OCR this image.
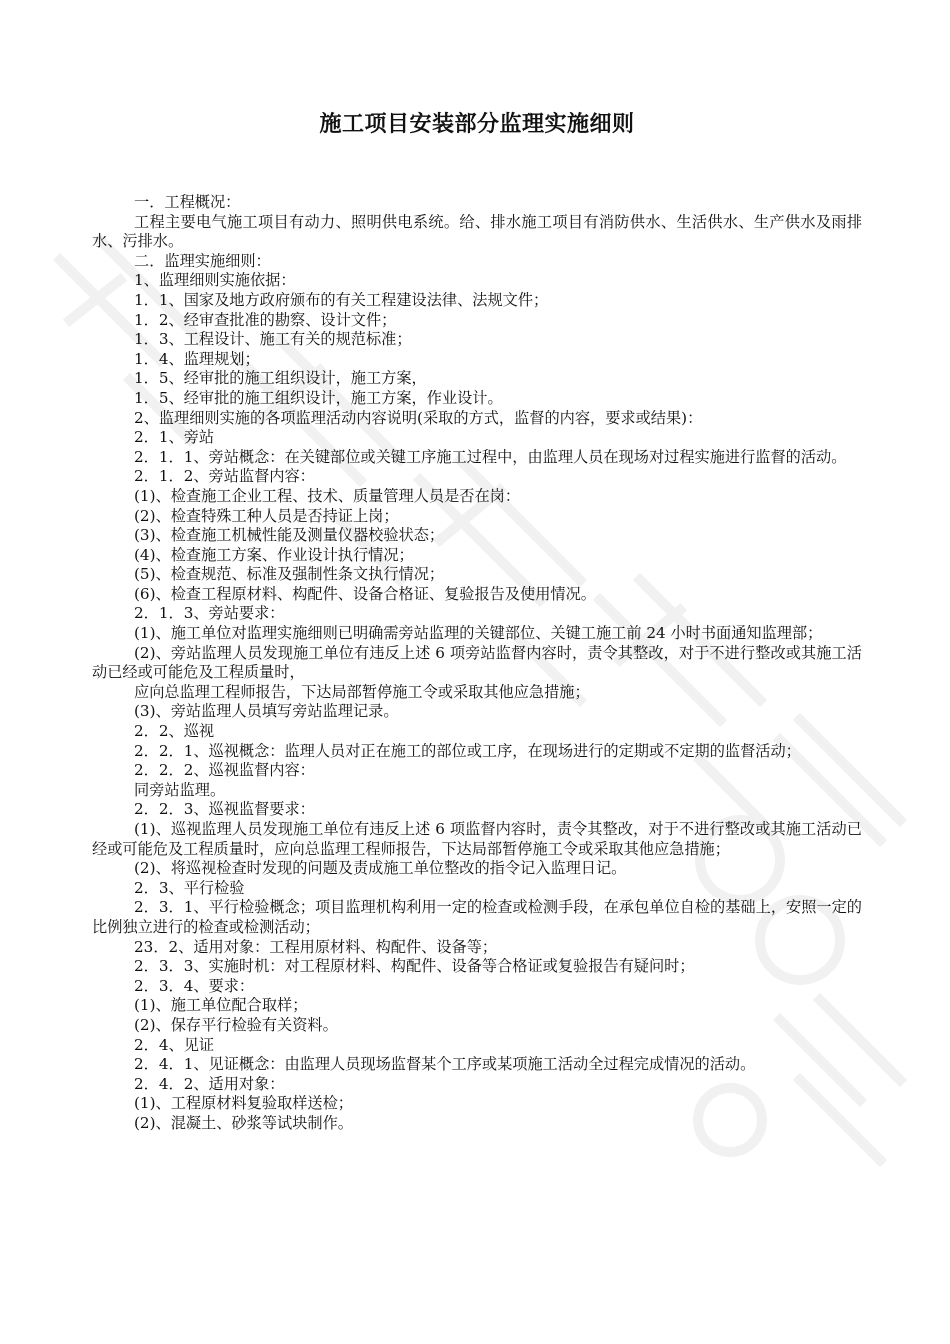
施工项目安装部分监理实施细则
一．工程概况：
工程主要电气施工项目有动力、照明供电系统。给、排水施工项目有消防供水、生活供水、生产供水及雨排水、污排水。
二．监理实施细则：
1、监理细则实施依据：
1．1、国家及地方政府颁布的有关工程建设法律、法规文件；
1．2、经审查批准的勘察、设计文件；
1．3、工程设计、施工有关的规范标准；
1．4、监理规划；
1．5、经审批的施工组织设计，施工方案，
1．5、经审批的施工组织设计，施工方案，作业设计。
2、监理细则实施的各项监理活动内容说明(采取的方式，监督的内容，要求或结果)：
2．1、旁站
2．1．1、旁站概念：在关键部位或关键工序施工过程中，由监理人员在现场对过程实施进行监督的活动。
2．1．2、旁站监督内容：
(1)、检查施工企业工程、技术、质量管理人员是否在岗：
(2)、检查特殊工种人员是否持证上岗；
(3)、检查施工机械性能及测量仪器校验状态；
(4)、检查施工方案、作业设计执行情况；
(5)、检查规范、标准及强制性条文执行情况；
(6)、检查工程原材料、构配件、设备合格证、复验报告及使用情况。
2．1．3、旁站要求：
(1)、施工单位对监理实施细则已明确需旁站监理的关键部位、关键工施工前 24 小时书面通知监理部；
(2)、旁站监理人员发现施工单位有违反上述 6 项旁站监督内容时，责令其整改，对于不进行整改或其施工活动已经或可能危及工程质量时，
应向总监理工程师报告，下达局部暂停施工令或采取其他应急措施；
(3)、旁站监理人员填写旁站监理记录。
2．2、巡视
2．2．1、巡视概念：监理人员对正在施工的部位或工序，在现场进行的定期或不定期的监督活动；
2．2．2、巡视监督内容：
同旁站监理。
2．2．3、巡视监督要求：
(1)、巡视监理人员发现施工单位有违反上述 6 项监督内容时，责令其整改，对于不进行整改或其施工活动已经或可能危及工程质量时，应向总监理工程师报告，下达局部暂停施工令或采取其他应急措施；
(2)、将巡视检查时发现的问题及责成施工单位整改的指令记入监理日记。
2．3、平行检验
2．3．1、平行检验概念；项目监理机构利用一定的检查或检测手段，在承包单位自检的基础上，安照一定的比例独立进行的检查或检测活动；
23．2、适用对象：工程用原材料、构配件、设备等；
2．3．3、实施时机：对工程原材料、构配件、设备等合格证或复验报告有疑问时；
2．3．4、要求：
(1)、施工单位配合取样；
(2)、保存平行检验有关资料。
2．4、见证
2．4．1、见证概念：由监理人员现场监督某个工序或某项施工活动全过程完成情况的活动。
2．4．2、适用对象：
(1)、工程原材料复验取样送检；
(2)、混凝土、砂浆等试块制作。
